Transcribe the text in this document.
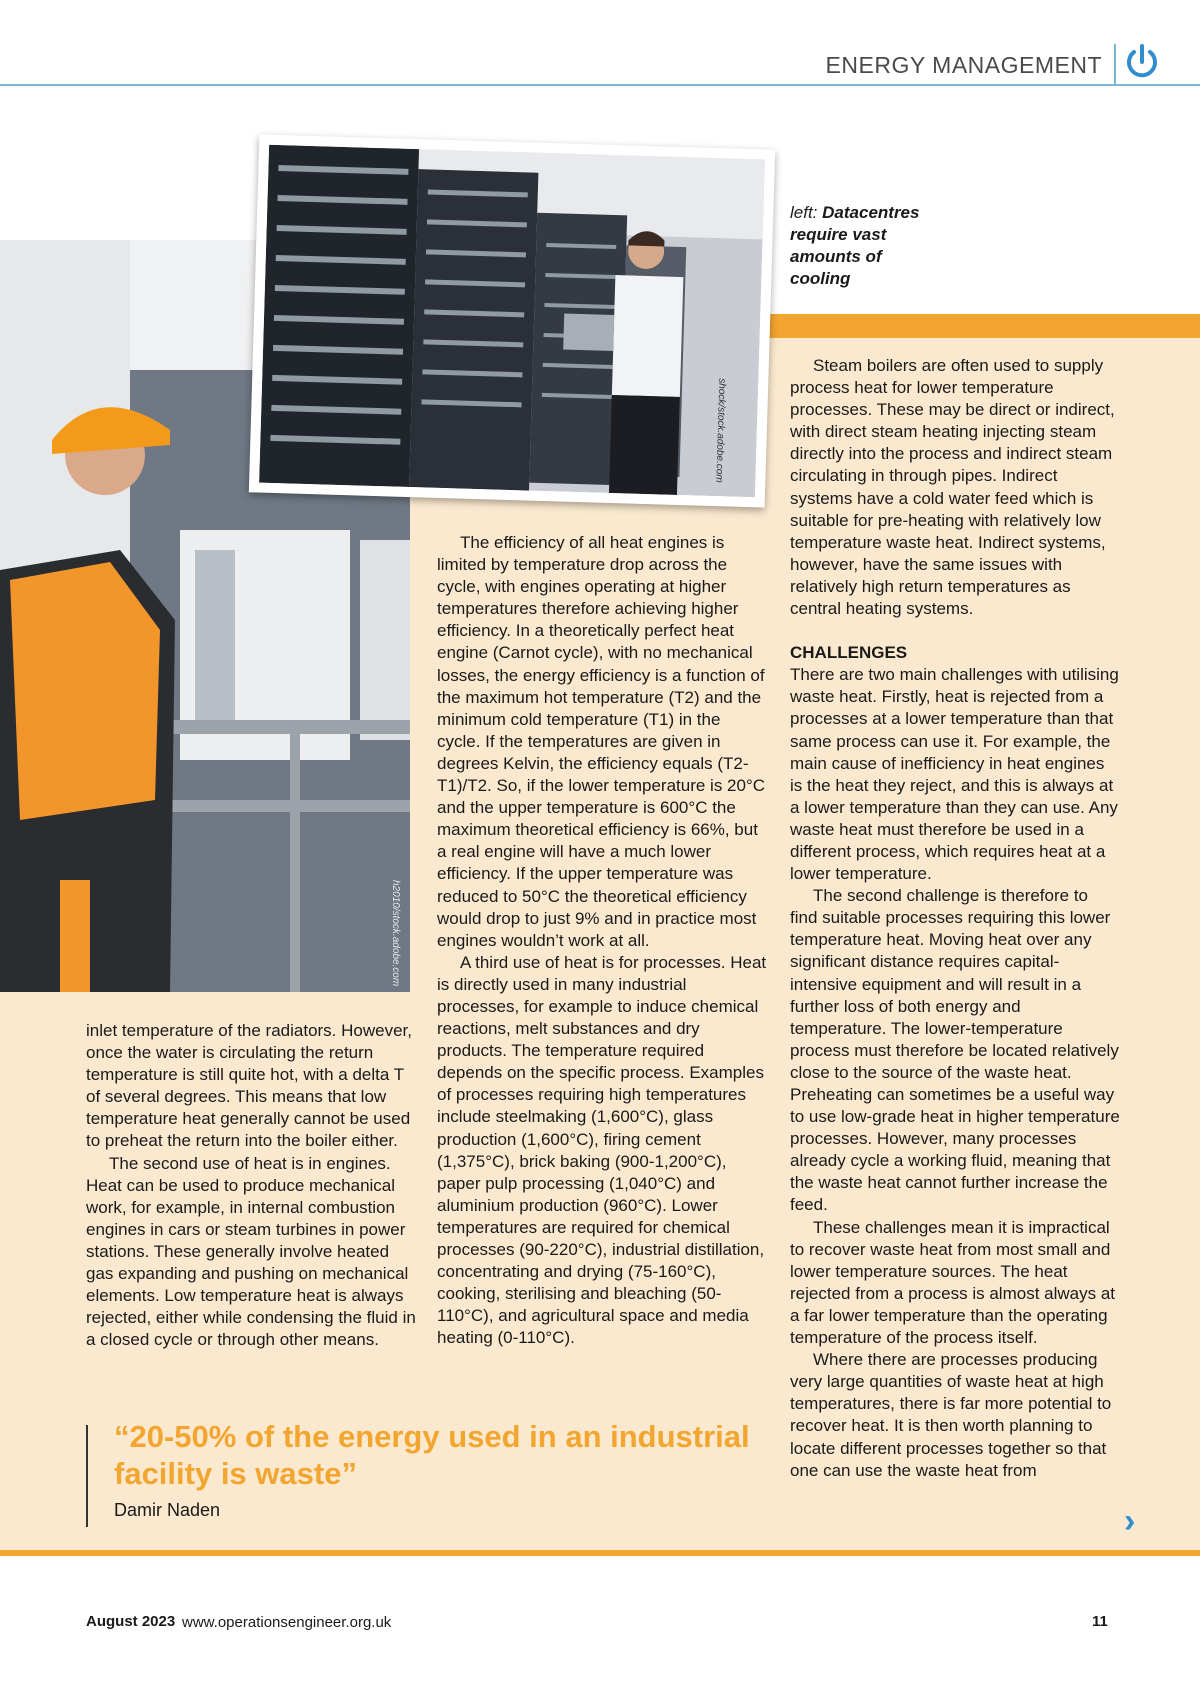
ENERGY MANAGEMENT
h2010/stock.adobe.com
shock/stock.adobe.com
left: Datacentres require vast amounts of cooling

inlet temperature of the radiators. However, once the water is circulating the return temperature is still quite hot, with a delta T of several degrees. This means that low temperature heat generally cannot be used to preheat the return into the boiler either.

The second use of heat is in engines. Heat can be used to produce mechanical work, for example, in internal combustion engines in cars or steam turbines in power stations. These generally involve heated gas expanding and pushing on mechanical elements. Low temperature heat is always rejected, either while condensing the fluid in a closed cycle or through other means.

The efficiency of all heat engines is limited by temperature drop across the cycle, with engines operating at higher temperatures therefore achieving higher efficiency. In a theoretically perfect heat engine (Carnot cycle), with no mechanical losses, the energy efficiency is a function of the maximum hot temperature (T2) and the minimum cold temperature (T1) in the cycle. If the temperatures are given in degrees Kelvin, the efficiency equals (T2-T1)/T2. So, if the lower temperature is 20°C and the upper temperature is 600°C the maximum theoretical efficiency is 66%, but a real engine will have a much lower efficiency. If the upper temperature was reduced to 50°C the theoretical efficiency would drop to just 9% and in practice most engines wouldn’t work at all.

A third use of heat is for processes. Heat is directly used in many industrial processes, for example to induce chemical reactions, melt substances and dry products. The temperature required depends on the specific process. Examples of processes requiring high temperatures include steelmaking (1,600°C), glass production (1,600°C), firing cement (1,375°C), brick baking (900-1,200°C), paper pulp processing (1,040°C) and aluminium production (960°C). Lower temperatures are required for chemical processes (90-220°C), industrial distillation, concentrating and drying (75-160°C), cooking, sterilising and bleaching (50-110°C), and agricultural space and media heating (0-110°C).

Steam boilers are often used to supply process heat for lower temperature processes. These may be direct or indirect, with direct steam heating injecting steam directly into the process and indirect steam circulating in through pipes. Indirect systems have a cold water feed which is suitable for pre-heating with relatively low temperature waste heat. Indirect systems, however, have the same issues with relatively high return temperatures as central heating systems.

CHALLENGES

There are two main challenges with utilising waste heat. Firstly, heat is rejected from a processes at a lower temperature than that same process can use it. For example, the main cause of inefficiency in heat engines is the heat they reject, and this is always at a lower temperature than they can use. Any waste heat must therefore be used in a different process, which requires heat at a lower temperature.

The second challenge is therefore to find suitable processes requiring this lower temperature heat. Moving heat over any significant distance requires capital-intensive equipment and will result in a further loss of both energy and temperature. The lower-temperature process must therefore be located relatively close to the source of the waste heat. Preheating can sometimes be a useful way to use low-grade heat in higher temperature processes. However, many processes already cycle a working fluid, meaning that the waste heat cannot further increase the feed.

These challenges mean it is impractical to recover waste heat from most small and lower temperature sources. The heat rejected from a process is almost always at a far lower temperature than the operating temperature of the process itself.

Where there are processes producing very large quantities of waste heat at high temperatures, there is far more potential to recover heat. It is then worth planning to locate different processes together so that one can use the waste heat from

“20-50% of the energy used in an industrial facility is waste”
Damir Naden	›
August 2023 www.operationsengineer.org.uk	11
